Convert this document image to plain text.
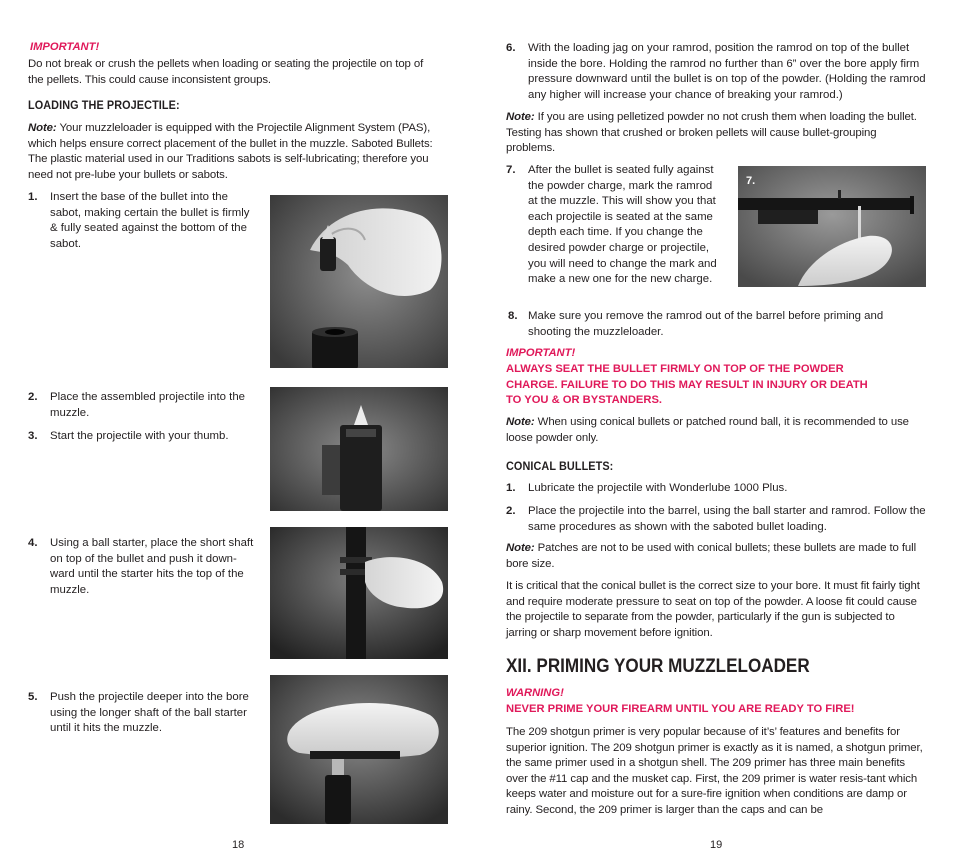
IMPORTANT!
Do not break or crush the pellets when loading or seating the projectile on top of the pellets. This could cause inconsistent groups.
LOADING THE PROJECTILE:
Note: Your muzzleloader is equipped with the Projectile Alignment System (PAS), which helps ensure correct placement of the bullet in the muzzle. Saboted Bullets: The plastic material used in our Traditions sabots is self-lubricating; therefore you need not pre-lube your bullets or sabots.
1. Insert the base of the bullet into the sabot, making certain the bullet is firmly & fully seated against the bottom of the sabot.
2. Place the assembled projectile into the muzzle.
3. Start the projectile with your thumb.
4. Using a ball starter, place the short shaft on top of the bullet and push it down-ward until the starter hits the top of the muzzle.
5. Push the projectile deeper into the bore using the longer shaft of the ball starter until it hits the muzzle.
18
6. With the loading jag on your ramrod, position the ramrod on top of the bullet inside the bore. Holding the ramrod no further than 6” over the bore apply firm pressure downward until the bullet is on top of the powder. (Holding the ramrod any higher will increase your chance of breaking your ramrod.)
Note: If you are using pelletized powder no not crush them when loading the bullet. Testing has shown that crushed or broken pellets will cause bullet-grouping problems.
7. After the bullet is seated fully against the powder charge, mark the ramrod at the muzzle. This will show you that each projectile is seated at the same depth each time. If you change the desired powder charge or projectile, you will need to change the mark and make a new one for the new charge.
7.
8. Make sure you remove the ramrod out of the barrel before priming and shooting the muzzleloader.
IMPORTANT!
ALWAYS SEAT THE BULLET FIRMLY ON TOP OF THE POWDER CHARGE. FAILURE TO DO THIS MAY RESULT IN INJURY OR DEATH TO YOU & OR BYSTANDERS.
Note: When using conical bullets or patched round ball, it is recommended to use loose powder only.
CONICAL BULLETS:
1. Lubricate the projectile with Wonderlube 1000 Plus.
2. Place the projectile into the barrel, using the ball starter and ramrod. Follow the same procedures as shown with the saboted bullet loading.
Note: Patches are not to be used with conical bullets; these bullets are made to full bore size.
It is critical that the conical bullet is the correct size to your bore. It must fit fairly tight and require moderate pressure to seat on top of the powder. A loose fit could cause the projectile to separate from the powder, particularly if the gun is subjected to jarring or sharp movement before ignition.
XII. PRIMING YOUR MUZZLELOADER
WARNING!
NEVER PRIME YOUR FIREARM UNTIL YOU ARE READY TO FIRE!
The 209 shotgun primer is very popular because of it’s’ features and benefits for superior ignition. The 209 shotgun primer is exactly as it is named, a shotgun primer, the same primer used in a shotgun shell. The 209 primer has three main benefits over the #11 cap and the musket cap. First, the 209 primer is water resis-tant which keeps water and moisture out for a sure-fire ignition when conditions are damp or rainy. Second, the 209 primer is larger than the caps and can be
19
